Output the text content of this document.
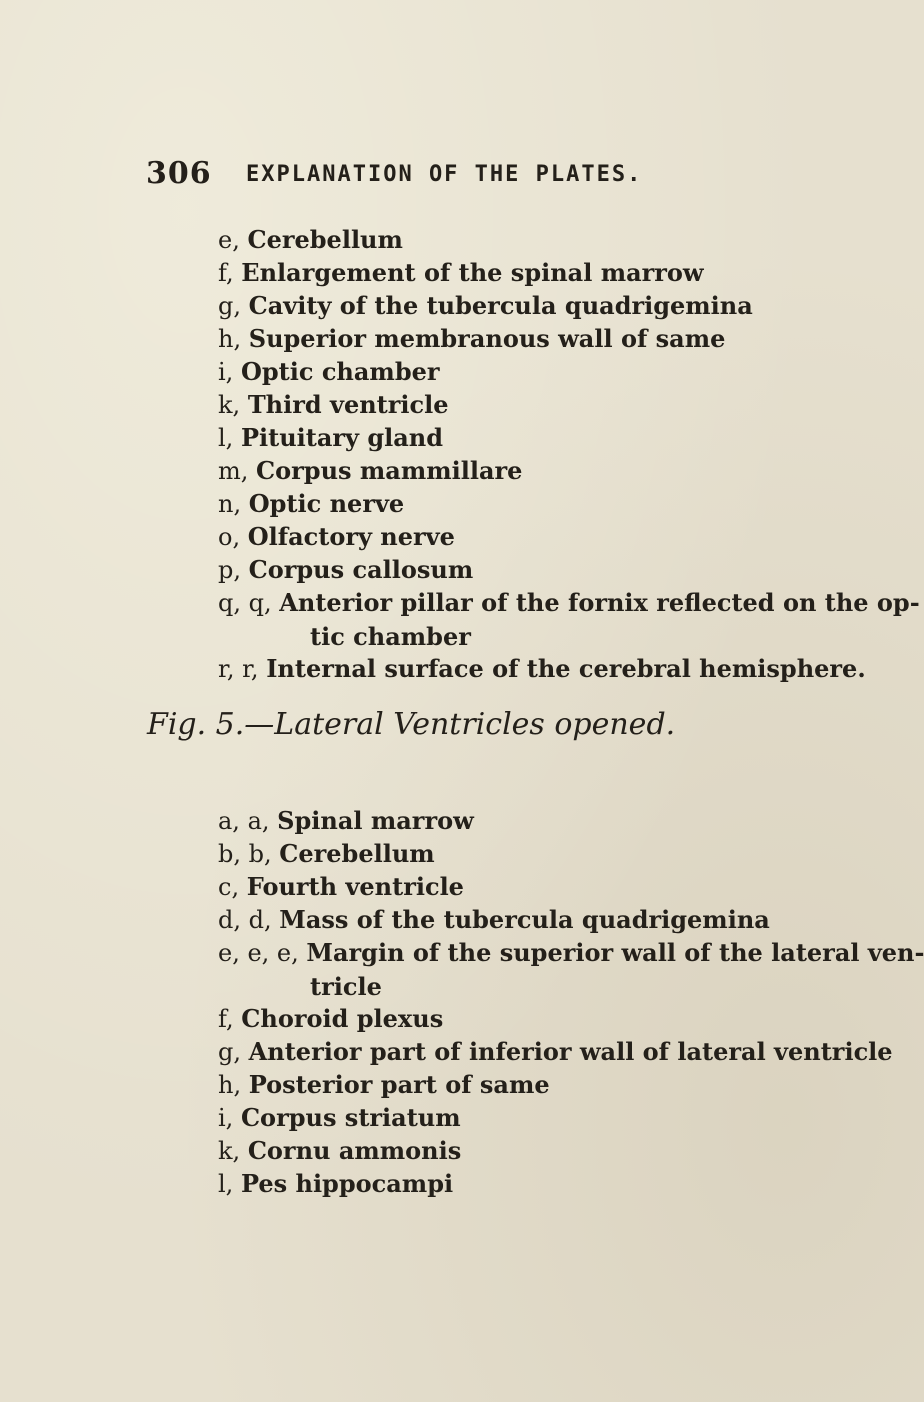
306 EXPLANATION OF THE PLATES.
e, Cerebellum
f, Enlargement of the spinal marrow
g, Cavity of the tubercula quadrigemina
h, Superior membranous wall of same
i, Optic chamber
k, Third ventricle
l, Pituitary gland
m, Corpus mammillare
n, Optic nerve
o, Olfactory nerve
p, Corpus callosum
q, q, Anterior pillar of the fornix reflected on the op-
tic chamber
r, r, Internal surface of the cerebral hemisphere.
Fig. 5.—Lateral Ventricles opened.
a, a, Spinal marrow
b, b, Cerebellum
c, Fourth ventricle
d, d, Mass of the tubercula quadrigemina
e, e, e, Margin of the superior wall of the lateral ven-
tricle
f, Choroid plexus
g, Anterior part of inferior wall of lateral ventricle
h, Posterior part of same
i, Corpus striatum
k, Cornu ammonis
l, Pes hippocampi
